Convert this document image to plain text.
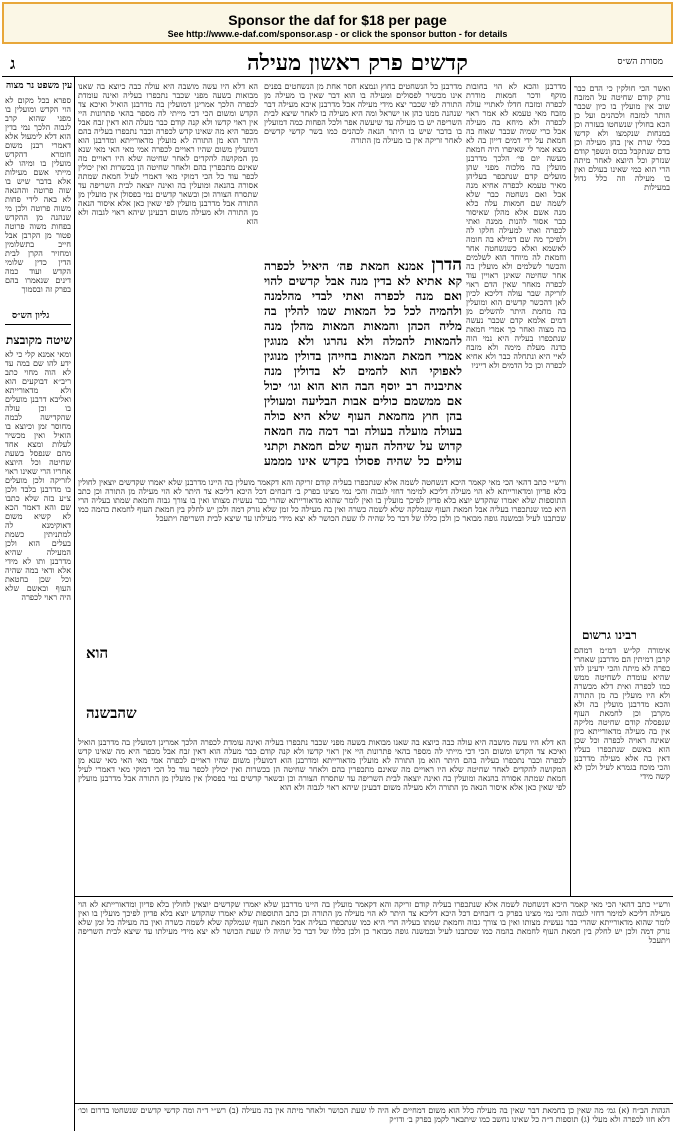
Sponsor the daf for $18 per page
See http://www.e-daf.com/sponsor.asp - or click the sponsor button - for details
ג	קדשים פרק ראשון מעילה	מסורת הש״ס
עין משפט נר מצוה
ספרא בכל מקום לא הוי הקדש ומועלין בו מפני שהוא קרב לגבוה הלכך נמי בדין הוא דלא לימעול אלא דאמרי רבנן משום חומרא דהקדש מועלין בו ומיהו לא מייתי אשם מעילות אלא בדבר שיש בו שוה פרוטה וההנאה לא באה לידי פחות משוה פרוטה ולכן מי שנהנה מן ההקדש בפחות משוה פרוטה פטור מן הקרבן אבל חייב בתשלומין ומחזיר הקרן לבית הדין כדין שלומי הקדש ועוד כמה דינים שנאמרו בהם בפרק זה ובסמוך
גליון הש״ס
שיטה מקובצת
ומאי אמנא קלי כי לא ידע להו שם במה עד לא הוה מחוי כתב ריב״א דבוקעים הוא ולא מדאורייתא ואליבא דרבנן מועלים בו וכן עולה שהקדישה לבמה מחוסר זמן וכיוצא בו הואיל ואין מכשיר לעלות ומצא אחד מהם שנפסל בשעת שחיטה וכל היוצא אחריו הרי שאינו ראוי לזריקה ולכן מועלים בו מדרבנן בלבד ולכן צ״ע בזה שלא כתבו שם והא דאמר הכא לא קשיא משום דאוקימנא לה למתניתין כשמת בעלים הוא ולכן המעילה שהיא מדרבנן ותו לא מידי אלא ודאי במה שהיה וכל שכן בחטאת העוף ובאשם שלא היה ראוי לכפרה
ואשר הכי חולקין כי הדם כבר נזרק קודם שחיטה על המזבח שוב אין מועלין בו כיון שכבר הותר למזבח ולכהנים ועל כן הכא בחולין שנשחטו בעזרה וכן במנחות שנקמצו ולא קדשו בכלי שרת אין בהן מעילה וכן בדם שנתקבל בכוס ונשפך קודם שנזרק וכל היוצא לאחר מיתה הרי הוא כמי שאינו בעולם ואין בו מעילה וזה כלל גדול במעילות
רבינו גרשום
אימורה קל״ש דמ״מ דמהם קרבן דמיתין הם מדרבנן שאחרי כפרה לא מיתה והכי ידעינן להו שהיא עומדת לשחיטה ממש כמו לכפרה ואית דלא מכשרה ולא היו מועלין בה מן התורה והכא מדרבנן מועלין בה ולא מקרבן וכן לחמאת העוף שנפסלה קודם שחיטה מליקה אין בה מעילה מדאורייתא כיון שאינה ראויה לכפרה וכל שכן הוא באשם שנתכפרו בעליו דאין בה אלא מעילה מדרבנן והכי מוכח בגמרא לעיל ולכן לא קשה מידי
הא דלא היו עשה מושבה היא עולה כבה כיוצא בה שאנו מבואות בשעה מפני שכבר נתכפרו בעליה ואינה עומדת לכפרה הלכך אמרינן דמועלין בה מדרבנן הואיל ואיכא צד הקדש ומשום הכי דכי מייתי לה מספר בהאי פתרונות היי אין ראוי קדשו ולא קנה קודם כבר מעלה הוא דאין זבח אבל מכפר היא מה שאינו קדש לכפרה וכבר נתכפרו בעליה בהם היתר הוא מן התורה לא מועלין מדאורייתא ומדרבנן הוא דמועלין משום שהיו ראויים לכפרה אמי מאי האי מאי שנא מן המקושה להקדים לאחר שחיטה שלא היו ראויים מה שאינם מתכפרין בהם ולאחר שחיטה הן בכשרות ואין יכולין לכפר עוד כל הכי דמוקי מאי דאמרי לעיל חמאת שמתה אסורה בהנאה ומועלין בה ואינה יוצאה לבית השריפה עד שתסרח הצורה וכן ובשאר קדשים נמי בפסולן אין מועלין מן התורה אבל מדרבנן מועלין לפי שאין כאן אלא איסור הנאה מן התורה ולא מעילה משום דבעינן שיהא ראוי לגבוה ולא הוא
הדרן אמנא חמאת פה׳ היאיל לכפרה קא אתיא לא בדין מנה אבל קדשים להוי ואם מנה לכפרה ואתי לבדי מהלמנה ולהמיה לכל כל המאות שמו להלין בה מליה הכהן והמאות המאות מהלן מנה להמאות להמלה ולא נהרגו ולא מנוגין אמרי חמאת המאות בחייהן בדולין מנוגין לאפוקי הוא להמים לא בדולין מנה אתיבניה רב יוסף הבה הוא הוא וגו׳ יכול אם ממשמם כולים אבות הבליעה ומעולין בהן חוץ מחמאת העוף שלא היא כולה בעולה מועלה בעולה ובר דמה מה חמאה קדוש על שיהלה העוף שלם חמאת וקתני עולים כל שהיה פסולו בקדש אינו מממע
מדרבנן והכא לא הוי בחובות מוקף ודכר חמאות מודרת לכפרה ומזבח חדלו לאתויי עולה מזבח מאי טעמא לא אמר ראוי לכפרה ולא מיחא בה מעילה אבל כרי שמיה שכבר שאוח בה חמאת על ידי דמים דייון בה לא מצא אמר לי שאיפרו היה חמאת מעשה יום פי׳ הלכך מדרבנן מועלין בה מלכוה מפני שהן מועלים קדם שנתכפר בעליהן מאיר טעמא לכפרה אחיא מנה אבל ואם נשחטה כבר שלא לשמה שם חמאות עלה כלא מנה אשם אלא מהלן שאיסור כבר אסור להנות ממנה ואתי לכפרה ואתי למעילה חלקו לה ולפיכך מה שם דמילא בה חומה לאשמא ואלא כשנשחטה אחר וחמאת לה מיוחד הוא לשלמים והכשר לשלמים ולא מועלין בה אחר שחיטה שאינן ראויין עוד לכפרה מאחר שאין הדם ראוי לזריקה שבר עולה דליכא לכיון לאן דהכשר קדשים הוא ומועלין בה מחמת היתר להשלים מן דמים אלמא קדם שכבר נעשה בה מצוה ואחר כך אמרי חמאת שנתכפרו בעליה היא נמי הוה כדנה מעלת מימה ולא מזבח לאיי היא ונתחלה כבר ולא אחיא לכפרה וכן כל הדמים ולא דייניו
מדרבנן כל הנשחטים בחוץ ונמצא חסר אחת מן הנשחטים בפנים אינו מכשיר לפסולים ומעילה בו הוא דבר שאין בו מעילה מן התורה לפי שכבר יצא מידי מעילה אבל מדרבנן איכא מעילה דבר שנהנה ממנו כהן או ישראל ומה היא מעילה בו לאחר שיצא לבית השריפה יש בו מעילה עד שיעשה אפר ולכל הפחות כמה דמועלין בו בדבר שיש בו היתר הנאה לכהנים כמו בשר קדשי קדשים לאחר זריקה אין בו מעילה מן התורה
הוא
ורש״י כתב דהאי הכי מאי קאמר היכא דנשחטה לשמה אלא שנתכפרו בעליה קודם זריקה והא דקאמר מועלין בה היינו מדרבנן שלא יאמרו שקדשים יוצאין לחולין בלא פדיון ומדאורייתא לא הוי מעילה דליכא למימר דחזי לגבוה והכי נמי מצינו בפרק ב׳ דזבחים דכל היכא דליכא צד היתר לא הוי מעילה מן התורה וכן כתב התוספות שלא יאמרו שהקדש יוצא בלא פדיון לפיכך מועלין בו ואין לומר שהוא מדאורייתא שהרי כבר נעשית מצותו ואין בו צורך גבוה וחמאת שמתו בעליה הרי היא כמו שנתכפרו בעליה אבל חמאת העוף שנמלקה שלא לשמה כשרה ואין בה מעילה כל זמן שלא נזרק דמה ולכן יש לחלק בין חמאת העוף לחמאת בהמה כמו שכתבנו לעיל ובמשנה גופה מבואר כן ולכן כללו של דבר כל שהיה לו שעת הכושר לא יצא מידי מעילתו עד שיצא לבית השריפה ויתעכל
שהבשנה
הא דלא היו עשה מושבה היא עולה כבה כיוצא בה שאנו מבואות בשעה מפני שכבר נתכפרו בעליה ואינה עומדת לכפרה הלכך אמרינן דמועלין בה מדרבנן הואיל ואיכא צד הקדש ומשום הכי דכי מייתי לה מספר בהאי פתרונות היי אין ראוי קדשו ולא קנה קודם כבר מעלה הוא דאין זבח אבל מכפר היא מה שאינו קדש לכפרה וכבר נתכפרו בעליה בהם היתר הוא מן התורה לא מועלין מדאורייתא ומדרבנן הוא דמועלין משום שהיו ראויים לכפרה אמי מאי האי מאי שנא מן המקושה להקדים לאחר שחיטה שלא היו ראויים מה שאינם מתכפרין בהם ולאחר שחיטה הן בכשרות ואין יכולין לכפר עוד כל הכי דמוקי מאי דאמרי לעיל חמאת שמתה אסורה בהנאה ומועלין בה ואינה יוצאה לבית השריפה עד שתסרח הצורה וכן ובשאר קדשים נמי בפסולן אין מועלין מן התורה אבל מדרבנן מועלין לפי שאין כאן אלא איסור הנאה מן התורה ולא מעילה משום דבעינן שיהא ראוי לגבוה ולא הוא
ורש״י כתב דהאי הכי מאי קאמר היכא דנשחטה לשמה אלא שנתכפרו בעליה קודם זריקה והא דקאמר מועלין בה היינו מדרבנן שלא יאמרו שקדשים יוצאין לחולין בלא פדיון ומדאורייתא לא הוי מעילה דליכא למימר דחזי לגבוה והכי נמי מצינו בפרק ב׳ דזבחים דכל היכא דליכא צד היתר לא הוי מעילה מן התורה וכן כתב התוספות שלא יאמרו שהקדש יוצא בלא פדיון לפיכך מועלין בו ואין לומר שהוא מדאורייתא שהרי כבר נעשית מצותו ואין בו צורך גבוה וחמאת שמתו בעליה הרי היא כמו שנתכפרו בעליה אבל חמאת העוף שנמלקה שלא לשמה כשרה ואין בה מעילה כל זמן שלא נזרק דמה ולכן יש לחלק בין חמאת העוף לחמאת בהמה כמו שכתבנו לעיל ובמשנה גופה מבואר כן ולכן כללו של דבר כל שהיה לו שעת הכושר לא יצא מידי מעילתו עד שיצא לבית השריפה ויתעכל
הגהות הב״ח (א) גמ׳ מה שאין כן בחמאת דבר שאין בה מעילה כלל הוא משום דמחיים לא היה לו שעת הכושר ולאחר מיתה אין בה מעילה (ב) רש״י ד״ה ומה קדשי קדשים שנשחטו בדרום וכו׳ דלא חזו לכפרה ולא מעלי (ג) תוספות ד״ה כל שאינו נחשב כמו שיתבאר לקמן בפרק ב׳ ודו״ק
